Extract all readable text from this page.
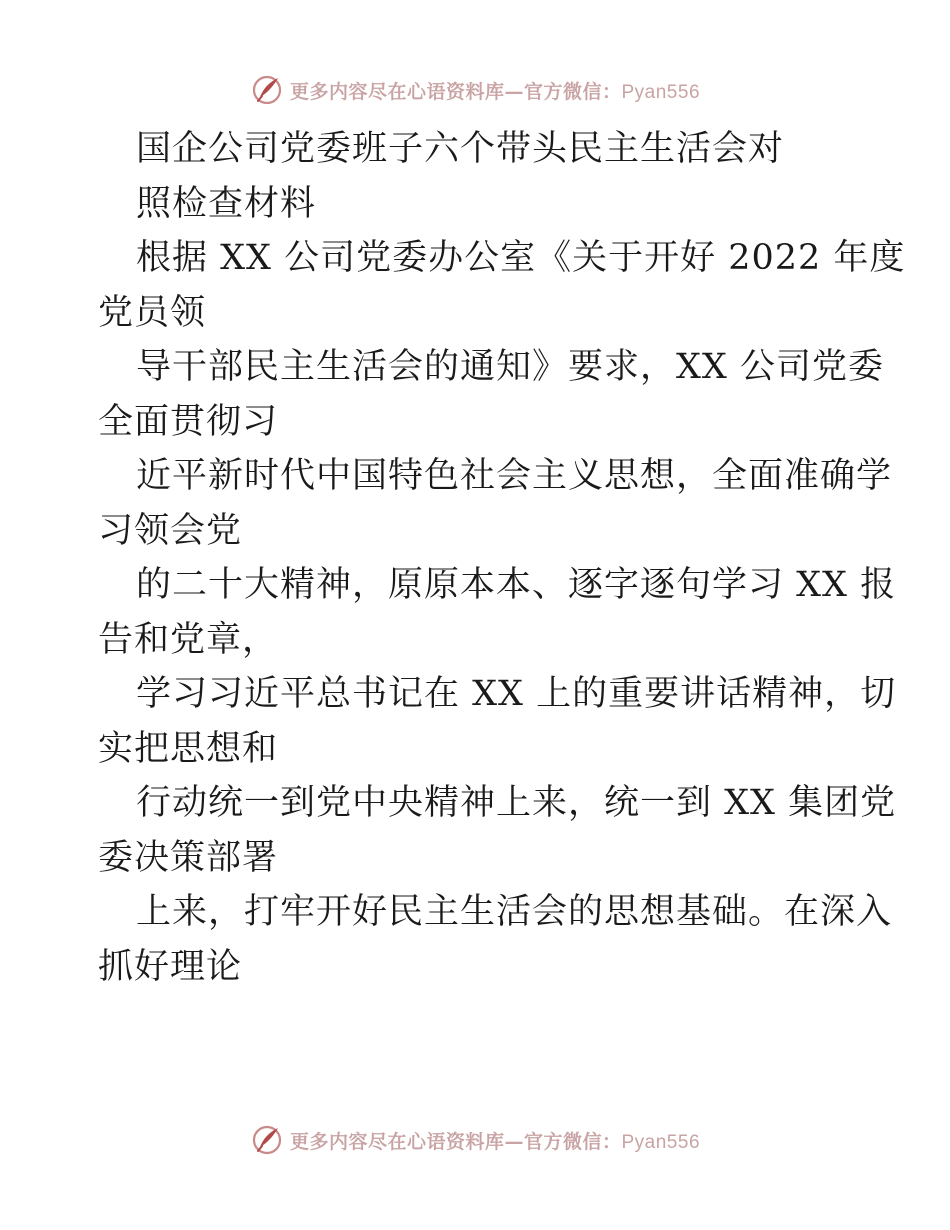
更多内容尽在心语资料库—官方微信：Pyan556
国企公司党委班子六个带头民主生活会对
照检查材料
根据 XX 公司党委办公室《关于开好 2022 年度
党员领
导干部民主生活会的通知》要求，XX 公司党委
全面贯彻习
近平新时代中国特色社会主义思想，全面准确学
习领会党
的二十大精神，原原本本、逐字逐句学习 XX 报
告和党章，
学习习近平总书记在 XX 上的重要讲话精神，切
实把思想和
行动统一到党中央精神上来，统一到 XX 集团党
委决策部署
上来，打牢开好民主生活会的思想基础。在深入
抓好理论
更多内容尽在心语资料库—官方微信：Pyan556
